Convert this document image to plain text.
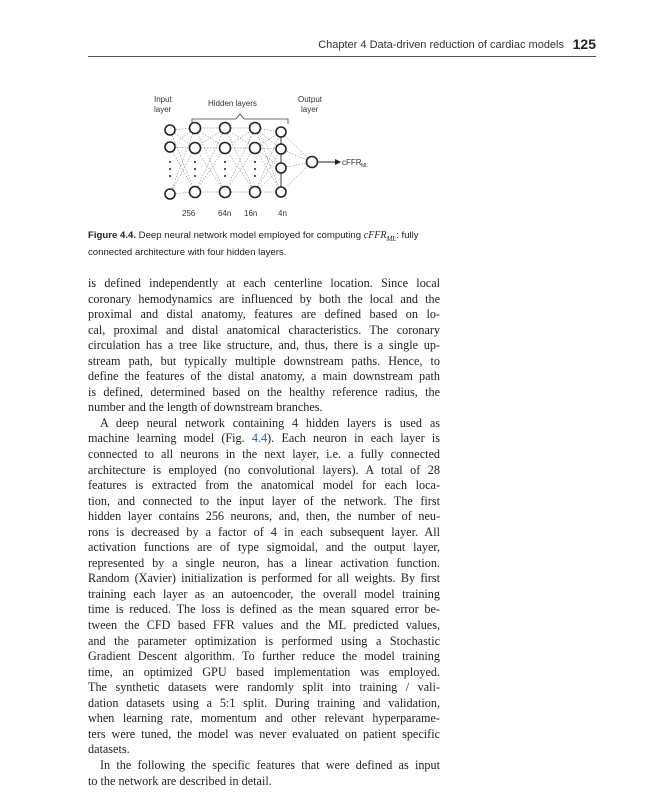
Chapter 4 Data-driven reduction of cardiac models 125
Input
layer
Hidden layers	Output
layer
cFFR ML
256	64n 16n	4n
Figure 4.4. Deep neural network model employed for computing cFFR$_{ML}$: fully connected architecture with four hidden layers.
is defined independently at each centerline location. Since local
coronary hemodynamics are influenced by both the local and the
proximal and distal anatomy, features are defined based on lo-
cal, proximal and distal anatomical characteristics. The coronary
circulation has a tree like structure, and, thus, there is a single up-
stream path, but typically multiple downstream paths. Hence, to
define the features of the distal anatomy, a main downstream path
is defined, determined based on the healthy reference radius, the
number and the length of downstream branches.
A deep neural network containing 4 hidden layers is used as
machine learning model (Fig. 4.4). Each neuron in each layer is
connected to all neurons in the next layer, i.e. a fully connected
architecture is employed (no convolutional layers). A total of 28
features is extracted from the anatomical model for each loca-
tion, and connected to the input layer of the network. The first
hidden layer contains 256 neurons, and, then, the number of neu-
rons is decreased by a factor of 4 in each subsequent layer. All
activation functions are of type sigmoidal, and the output layer,
represented by a single neuron, has a linear activation function.
Random (Xavier) initialization is performed for all weights. By first
training each layer as an autoencoder, the overall model training
time is reduced. The loss is defined as the mean squared error be-
tween the CFD based FFR values and the ML predicted values,
and the parameter optimization is performed using a Stochastic
Gradient Descent algorithm. To further reduce the model training
time, an optimized GPU based implementation was employed.
The synthetic datasets were randomly split into training / vali-
dation datasets using a 5:1 split. During training and validation,
when learning rate, momentum and other relevant hyperparame-
ters were tuned, the model was never evaluated on patient specific
datasets.
In the following the specific features that were defined as input
to the network are described in detail.
